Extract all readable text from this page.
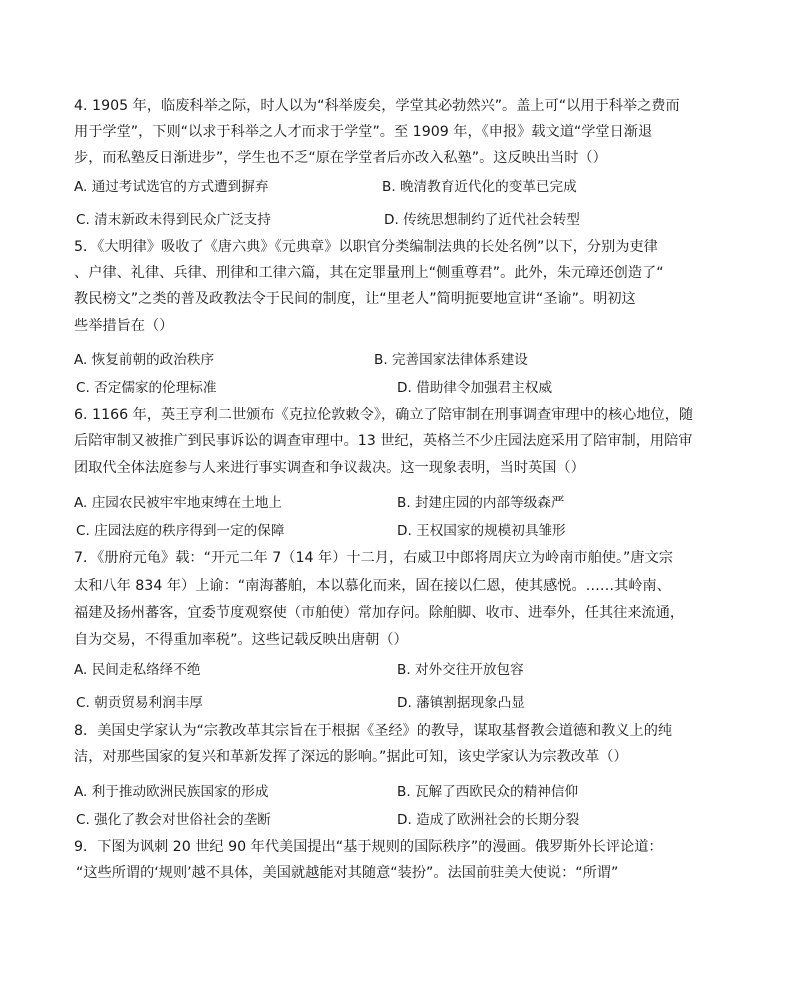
4. 1905 年，临废科举之际，时人以为“科举废矣，学堂其必勃然兴”。盖上可“以用于科举之费而
用于学堂”，下则“以求于科举之人才而求于学堂”。至 1909 年，《申报》载文道“学堂日渐退
步，而私塾反日渐进步”，学生也不乏“原在学堂者后亦改入私塾”。这反映出当时（）
A. 通过考试选官的方式遭到摒弃	B. 晚清教育近代化的变革已完成
C. 清末新政未得到民众广泛支持	D. 传统思想制约了近代社会转型
5．《大明律》吸收了《唐六典》《元典章》以职官分类编制法典的长处名例”以下，分别为吏律
、户律、礼律、兵律、刑律和工律六篇，其在定罪量刑上“侧重尊君”。此外，朱元璋还创造了“
教民榜文”之类的普及政教法令于民间的制度，让“里老人”简明扼要地宣讲“圣谕”。明初这
些举措旨在（）
A. 恢复前朝的政治秩序	B. 完善国家法律体系建设
C. 否定儒家的伦理标准	D. 借助律令加强君主权威
6. 1166 年，英王亨利二世颁布《克拉伦敦敕令》，确立了陪审制在刑事调查审理中的核心地位，随
后陪审制又被推广到民事诉讼的调查审理中。13 世纪，英格兰不少庄园法庭采用了陪审制，用陪审
团取代全体法庭参与人来进行事实调查和争议裁决。这一现象表明，当时英国（）
A. 庄园农民被牢牢地束缚在土地上	B. 封建庄园的内部等级森严
C. 庄园法庭的秩序得到一定的保障	D. 王权国家的规模初具雏形
7．《册府元龟》载：“开元二年 7（14 年）十二月，右威卫中郎将周庆立为岭南市舶使。”唐文宗
太和八年 834 年）上谕：“南海蕃舶，本以慕化而来，固在接以仁恩，使其感悦。……其岭南、
福建及扬州蕃客，宜委节度观察使（市舶使）常加存问。除舶脚、收市、进奉外，任其往来流通，
自为交易，不得重加率税”。这些记载反映出唐朝（）
A. 民间走私络绎不绝	B. 对外交往开放包容
C. 朝贡贸易利润丰厚	D. 藩镇割据现象凸显
8．美国史学家认为“宗教改革其宗旨在于根据《圣经》的教导，谋取基督教会道德和教义上的纯
洁，对那些国家的复兴和革新发挥了深远的影响。”据此可知，该史学家认为宗教改革（）
A. 利于推动欧洲民族国家的形成	B. 瓦解了西欧民众的精神信仰
C. 强化了教会对世俗社会的垄断	D. 造成了欧洲社会的长期分裂
9．下图为讽刺 20 世纪 90 年代美国提出“基于规则的国际秩序”的漫画。俄罗斯外长评论道：
“这些所谓的‘规则’越不具体，美国就越能对其随意“装扮”。法国前驻美大使说：“所谓”
